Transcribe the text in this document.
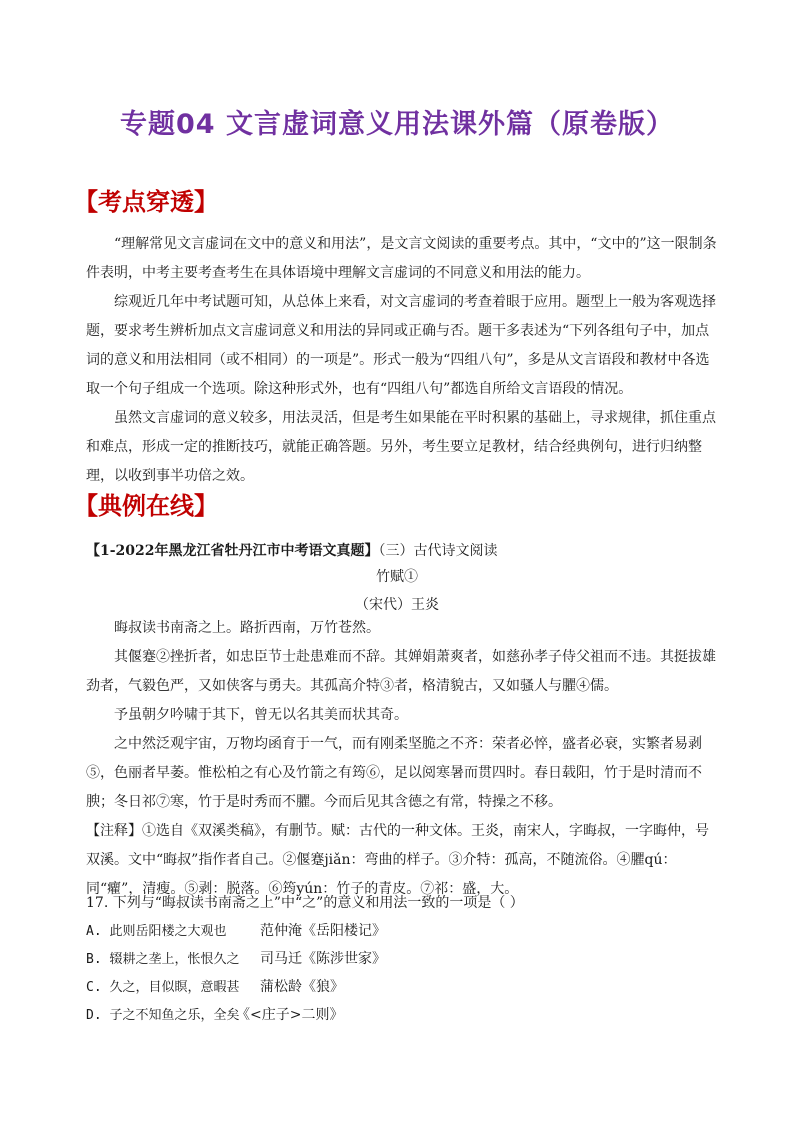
专题04 文言虚词意义用法课外篇（原卷版）
【考点穿透】

“理解常见文言虚词在文中的意义和用法”，是文言文阅读的重要考点。其中，“文中的”这一限制条件表明，中考主要考查考生在具体语境中理解文言虚词的不同意义和用法的能力。

综观近几年中考试题可知，从总体上来看，对文言虚词的考查着眼于应用。题型上一般为客观选择题，要求考生辨析加点文言虚词意义和用法的异同或正确与否。题干多表述为“下列各组句子中，加点词的意义和用法相同（或不相同）的一项是”。形式一般为“四组八句”，多是从文言语段和教材中各选取一个句子组成一个选项。除这种形式外，也有“四组八句”都选自所给文言语段的情况。

虽然文言虚词的意义较多，用法灵活，但是考生如果能在平时积累的基础上，寻求规律，抓住重点和难点，形成一定的推断技巧，就能正确答题。另外，考生要立足教材，结合经典例句，进行归纳整理，以收到事半功倍之效。

【典例在线】
【1-2022年黑龙江省牡丹江市中考语文真题】（三）古代诗文阅读
竹赋①
（宋代）王炎

晦叔读书南斋之上。路折西南，万竹苍然。

其偃蹇②挫折者，如忠臣节士赴患难而不辞。其婵娟萧爽者，如慈孙孝子侍父祖而不违。其挺拔雄劲者，气毅色严，又如侠客与勇夫。其孤高介特③者，格清貌古，又如骚人与臞④儒。

予虽朝夕吟啸于其下，曾无以名其美而状其奇。

之中然泛观宇宙，万物均函育于一气，而有刚柔坚脆之不齐：荣者必悴，盛者必衰，实繁者易剥⑤，色丽者早萎。惟松柏之有心及竹箭之有筠⑥，足以阅寒暑而贯四时。春日载阳，竹于是时清而不腴；冬日祁⑦寒，竹于是时秀而不臞。今而后见其含德之有常，特操之不移。

【注释】①选自《双溪类稿》，有删节。赋：古代的一种文体。王炎，南宋人，字晦叔，一字晦仲，号双溪。文中“晦叔”指作者自己。②偃蹇jiǎn：弯曲的样子。③介特：孤高，不随流俗。④臞qú：同“癯”，清瘦。⑤剥：脱落。⑥筠yún：竹子的青皮。⑦祁：盛，大。

17. 下列与“晦叔读书南斋之上”中“之”的意义和用法一致的一项是（ ）
A. 此则岳阳楼之大观也 范仲淹《岳阳楼记》
B. 辍耕之垄上，怅恨久之 司马迁《陈涉世家》
C. 久之，目似瞑，意暇甚 蒲松龄《狼》
D. 子之不知鱼之乐，全矣
《<庄子>二则》
